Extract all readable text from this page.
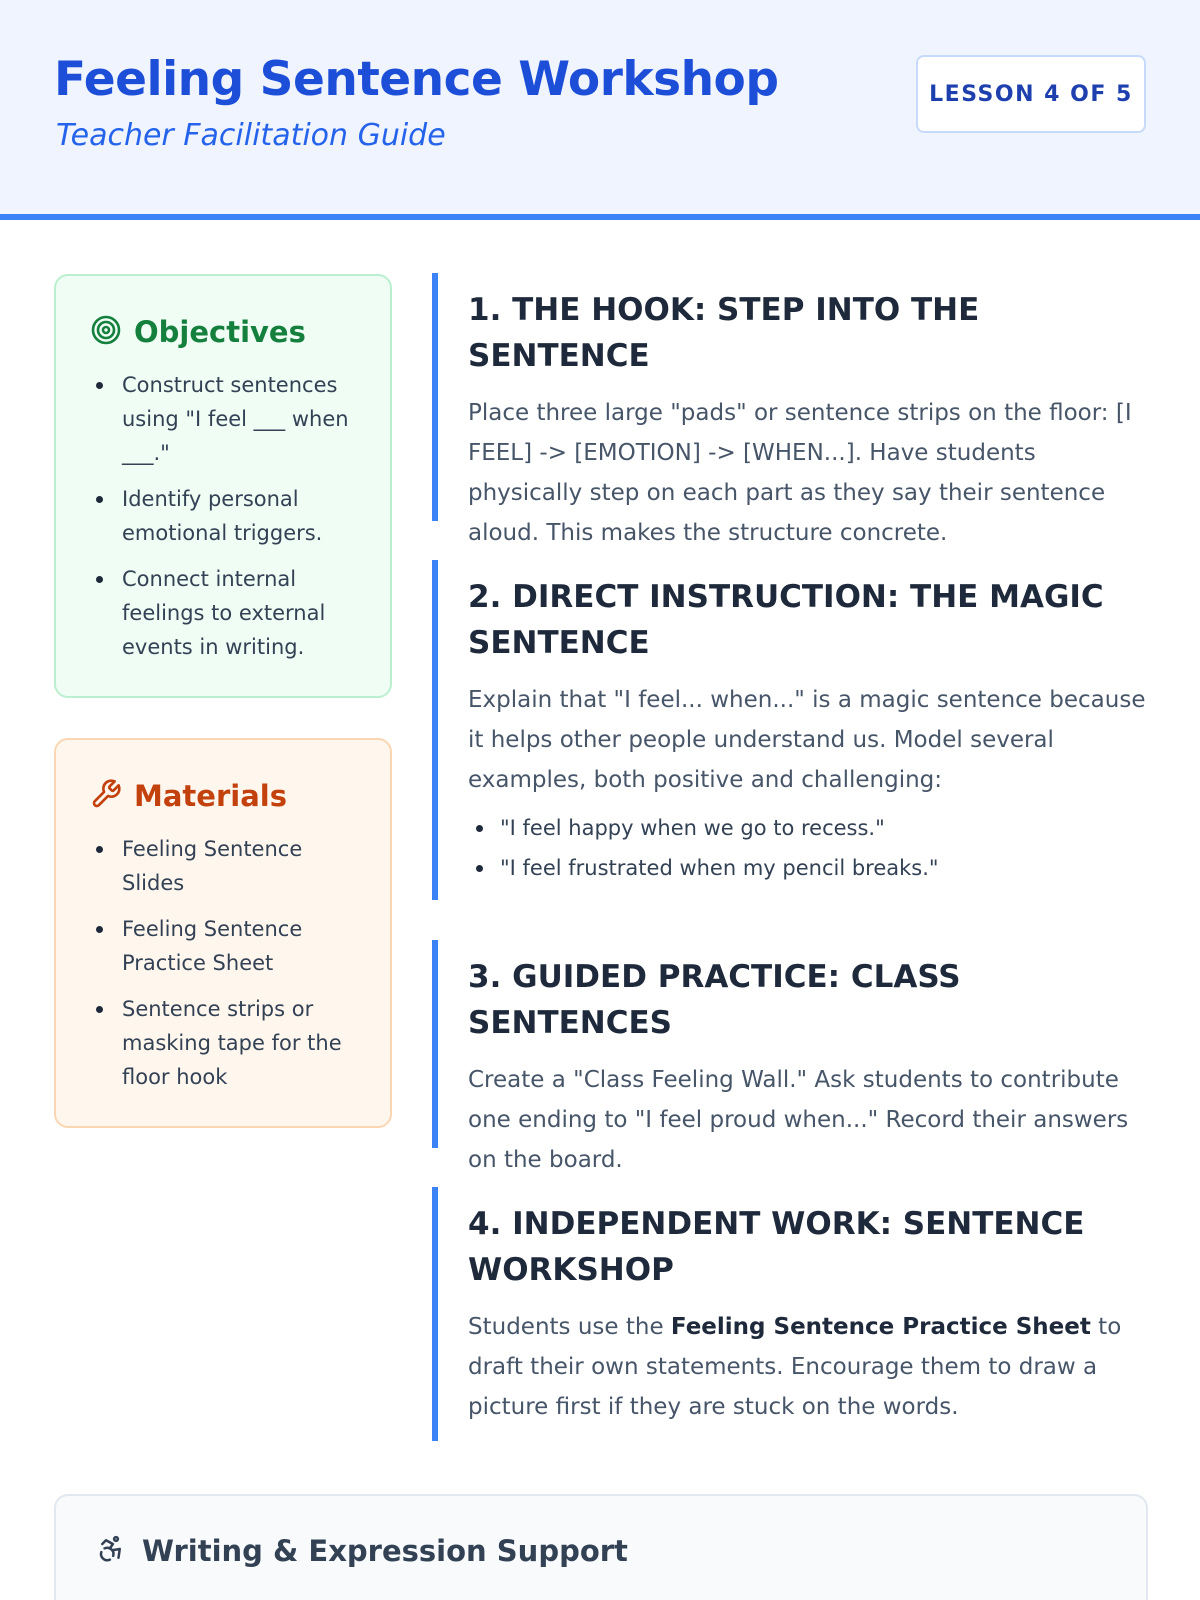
Feeling Sentence Workshop
Teacher Facilitation Guide
LESSON 4 OF 5
Objectives
Construct sentences using "I feel ___ when ___."
Identify personal emotional triggers.
Connect internal feelings to external events in writing.
Materials
Feeling Sentence Slides
Feeling Sentence Practice Sheet
Sentence strips or masking tape for the floor hook
1. THE HOOK: STEP INTO THE SENTENCE

Place three large "pads" or sentence strips on the floor: [I FEEL] -> [EMOTION] -> [WHEN...]. Have students physically step on each part as they say their sentence aloud. This makes the structure concrete.

2. DIRECT INSTRUCTION: THE MAGIC SENTENCE

Explain that "I feel... when..." is a magic sentence because it helps other people understand us. Model several examples, both positive and challenging:

"I feel happy when we go to recess."
"I feel frustrated when my pencil breaks."
3. GUIDED PRACTICE: CLASS SENTENCES

Create a "Class Feeling Wall." Ask students to contribute one ending to "I feel proud when..." Record their answers on the board.

4. INDEPENDENT WORK: SENTENCE WORKSHOP

Students use the Feeling Sentence Practice Sheet to draft their own statements. Encourage them to draw a picture first if they are stuck on the words.

Writing & Expression Support
